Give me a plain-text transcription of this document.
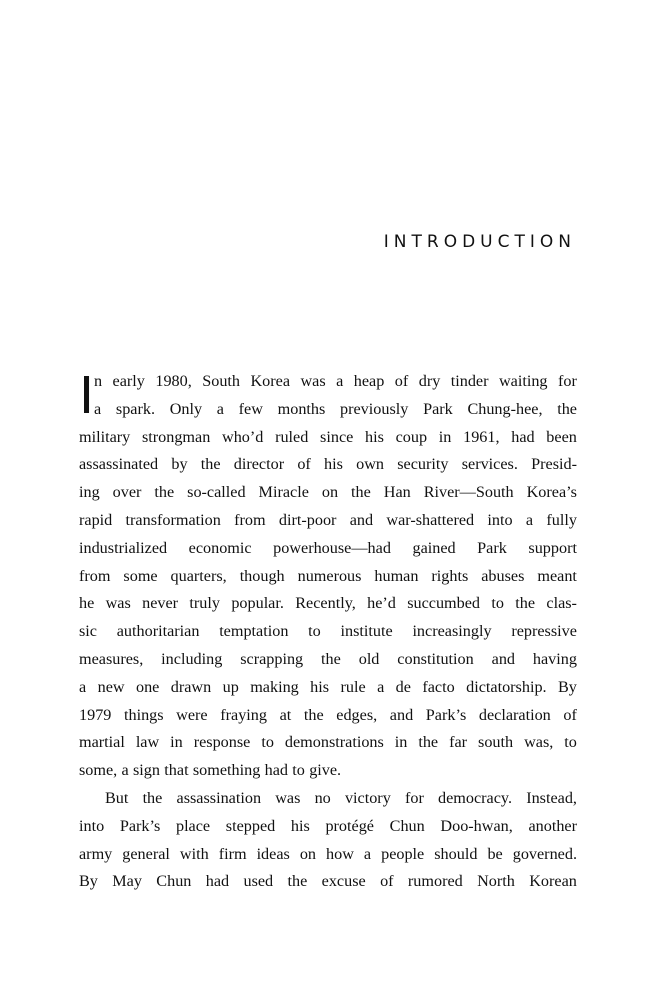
INTRODUCTION
I n early 1980, South Korea was a heap of dry tinder waiting for
a spark. Only a few months previously Park Chung-hee, the
military strongman who’d ruled since his coup in 1961, had been
assassinated by the director of his own security services. Presid-
ing over the so-called Miracle on the Han River—South Korea’s
rapid transformation from dirt-poor and war-shattered into a fully
industrialized economic powerhouse—had gained Park support
from some quarters, though numerous human rights abuses meant
he was never truly popular. Recently, he’d succumbed to the clas-
sic authoritarian temptation to institute increasingly repressive
measures, including scrapping the old constitution and having
a new one drawn up making his rule a de facto dictatorship. By
1979 things were fraying at the edges, and Park’s declaration of
martial law in response to demonstrations in the far south was, to
some, a sign that something had to give.
But the assassination was no victory for democracy. Instead,
into Park’s place stepped his protégé Chun Doo-hwan, another
army general with firm ideas on how a people should be governed.
By May Chun had used the excuse of rumored North Korean
